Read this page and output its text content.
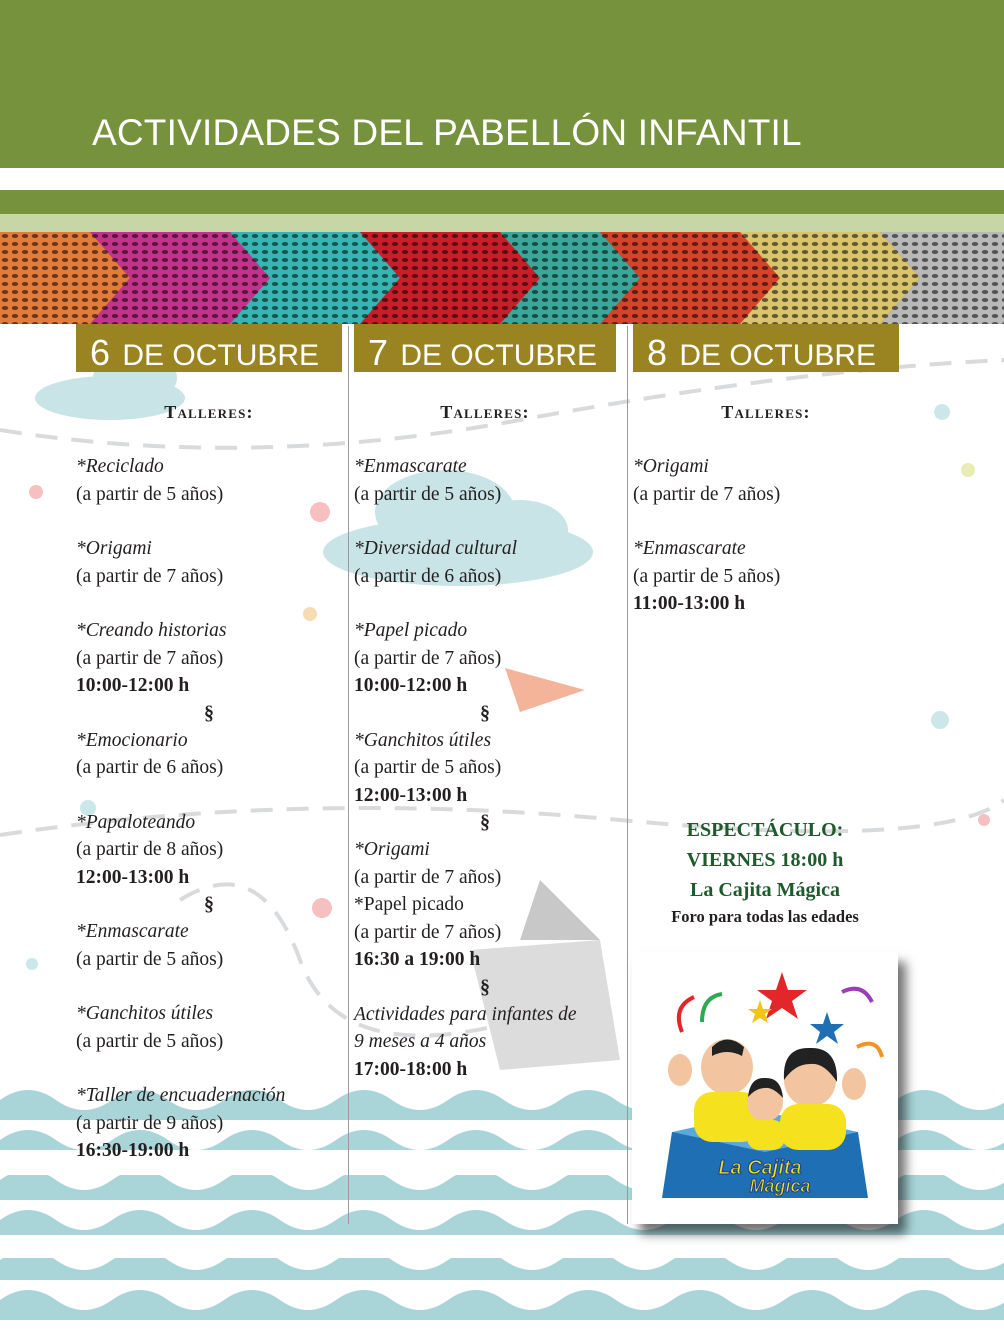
ACTIVIDADES DEL PABELLÓN INFANTIL
6 DE OCTUBRE
Talleres:
*Reciclado
(a partir de 5 años)
*Origami
(a partir de 7 años)
*Creando historias
(a partir de 7 años)
10:00-12:00 h
§
*Emocionario
(a partir de 6 años)
*Papaloteando
(a partir de 8 años)
12:00-13:00 h
§
*Enmascarate
(a partir de 5 años)
*Ganchitos útiles
(a partir de 5 años)
*Taller de encuadernación
(a partir de 9 años)
16:30-19:00 h
7 DE OCTUBRE
Talleres:
*Enmascarate
(a partir de 5 años)
*Diversidad cultural
(a partir de 6 años)
*Papel picado
(a partir de 7 años)
10:00-12:00 h
§
*Ganchitos útiles
(a partir de 5 años)
12:00-13:00 h
§
*Origami
(a partir de 7 años)
*Papel picado
(a partir de 7 años)
16:30 a 19:00 h
§
Actividades para infantes de
9 meses a 4 años
17:00-18:00 h
8 DE OCTUBRE
Talleres:
*Origami
(a partir de 7 años)
*Enmascarate
(a partir de 5 años)
11:00-13:00 h
ESPECTÁCULO:
VIERNES 18:00 h
La Cajita Mágica
Foro para todas las edades
La Cajita
Mágica
